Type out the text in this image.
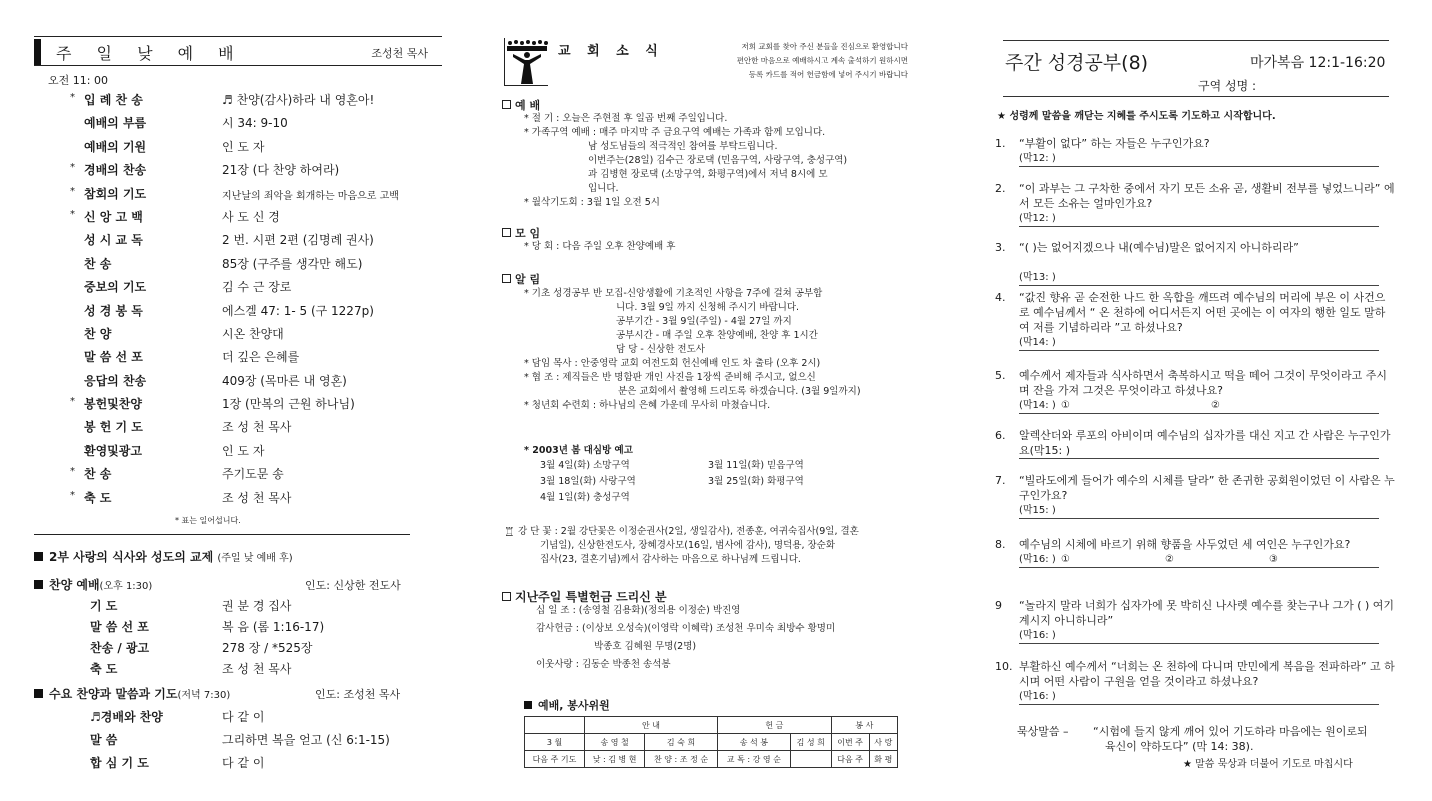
주 일 낮 예 배	조성천 목사
오전 11: 00
* 입 례 찬 송	♬ 찬양(감사)하라 내 영혼아!
예배의 부름	시 34: 9-10
예배의 기원	인 도 자
* 경배의 찬송	21장 (다 찬양 하여라)
* 참회의 기도	지난날의 죄악을 회개하는 마음으로 고백
* 신 앙 고 백	사 도 신 경
성 시 교 독	2 번. 시편 2편 (김명례 권사)
찬 송	85장 (구주를 생각만 해도)
중보의 기도	김 수 근 장로
성 경 봉 독	에스겔 47: 1- 5 (구 1227p)
찬 양	시온 찬양대
말 씀 선 포	더 깊은 은혜를
응답의 찬송	409장 (목마른 내 영혼)
* 봉헌및찬양	1장 (만복의 근원 하나님)
봉 헌 기 도	조 성 천 목사
환영및광고	인 도 자
* 찬 송	주기도문 송
* 축 도	조 성 천 목사
* 표는 일어섭니다.
2부 사랑의 식사와 성도의 교제 (주일 낮 예배 후)
찬양 예배(오후 1:30)	인도: 신상한 전도사
기 도	권 분 경 집사
말 씀 선 포	복 음 (롬 1:16-17)
찬송 / 광고	278 장 / *525장
축 도	조 성 천 목사
수요 찬양과 말씀과 기도(저녁 7:30)	인도: 조성천 목사
♬경배와 찬양	다 같 이
말 씀	그리하면 복을 얻고 (신 6:1-15)
합 심 기 도	다 같 이
교 회 소 식	저희 교회를 찾아 주신 분들을 진심으로 환영합니다
편안한 마음으로 예배하시고 계속 출석하기 원하시면
등록 카드를 적어 헌금함에 넣어 주시기 바랍니다
예 배
* 절 기 : 오늘은 주현절 후 일곱 번째 주일입니다.
* 가족구역 예배 : 매주 마지막 주 금요구역 예배는 가족과 함께 모입니다.
남 성도님들의 적극적인 참여를 부탁드립니다.
이번주는(28일) 김수근 장로댁 (민음구역, 사랑구역, 충성구역)
과 김병현 장로댁 (소망구역, 화평구역)에서 저녁 8시에 모
입니다.
* 월삭기도회 : 3월 1일 오전 5시
모 임
* 당 회 : 다음 주일 오후 찬양예배 후
알 림
* 기초 성경공부 반 모집-신앙생활에 기초적인 사항을 7주에 걸쳐 공부합
니다. 3월 9일 까지 신청해 주시기 바랍니다.
공부기간 - 3월 9일(주일) - 4월 27일 까지
공부시간 - 매 주일 오후 찬양예배, 찬양 후 1시간
담 당 - 신상한 전도사
* 담임 목사 : 안중영락 교회 여전도회 헌신예배 인도 차 출타 (오후 2시)
* 협 조 : 제직들은 반 명함판 개인 사진을 1장씩 준비해 주시고, 없으신
분은 교회에서 촬영해 드리도록 하겠습니다. (3월 9일까지)
* 청년회 수련회 : 하나님의 은혜 가운데 무사히 마쳤습니다.
* 2003년 봄 대심방 예고
3월 4일(화) 소망구역	3월 11일(화) 믿음구역
3월 18일(화) 사랑구역	3월 25일(화) 화평구역
4월 1일(화) 충성구역
♖ 강 단 꽃 : 2월 강단꽃은 이정순권사(2일, 생일감사), 전종훈, 여귀숙집사(9일, 결혼
기념일), 신상한전도사, 장혜경사모(16일, 범사에 감사), 명덕용, 장순화
집사(23, 결혼기념)께서 감사하는 마음으로 하나님께 드립니다.
지난주일 특별헌금 드리신 분
십 일 조 : (송영철 김용화)(정의용 이정순) 박진영
감사헌금 : (이상보 오성숙)(이영락 이혜락) 조성천 우미숙 최방수 황명미
박종호 김혜원 무명(2명)
이웃사랑 : 김동순 박종천 송석봉
예배, 봉사위원
	안 내		헌 금		봉 사	
3 월	송 영 철	김 숙 희	송 석 봉	김 성 희	이번 주	사 랑
다음 주 기도	낮 : 김 병 현	찬 양 : 조 정 순	교 독 : 강 영 순		다음 주	화 평
주간 성경공부(8)	마가복음 12:1-16:20
구역 성명 :
★ 성령께 말씀을 깨닫는 지혜를 주시도록 기도하고 시작합니다.
1. “부활이 없다” 하는 자들은 누구인가요?
(막12: )
2. “이 과부는 그 구차한 중에서 자기 모든 소유 곧, 생활비 전부를 넣었느니라” 에서 모든 소유는 얼마인가요?
(막12: )
3. “( )는 없어지겠으나 내(예수님)말은 없어지지 아니하리라”
(막13: )
4. “값진 향유 곧 순전한 나드 한 옥합을 깨뜨려 예수님의 머리에 부은 이 사건으로 예수님께서 “ 온 천하에 어디서든지 어떤 곳에는 이 여자의 행한 일도 말하여 저를 기념하리라 ”고 하셨나요?
(막14: )
5. 예수께서 제자들과 식사하면서 축복하시고 떡을 떼어 그것이 무엇이라고 주시며 잔을 가져 그것은 무엇이라고 하셨나요?
(막14: ) ①	②
6. 알렉산더와 루포의 아비이며 예수님의 십자가를 대신 지고 간 사람은 누구인가요(막15: )
7. “빌라도에게 들어가 예수의 시체를 달라” 한 존귀한 공회원이었던 이 사람은 누구인가요?
(막15: )
8. 예수님의 시체에 바르기 위해 향품을 사두었던 세 여인은 누구인가요?
(막16: ) ①	②	③
9 “놀라지 말라 너희가 십자가에 못 박히신 나사렛 예수를 찾는구나 그가 ( ) 여기 계시지 아니하니라”
(막16: )
10. 부활하신 예수께서 “너희는 온 천하에 다니며 만민에게 복음을 전파하라” 고 하시며 어떤 사람이 구원을 얻을 것이라고 하셨나요?
(막16: )
묵상말씀 – “시험에 들지 않게 깨어 있어 기도하라 마음에는 원이로되
육신이 약하도다” (막 14: 38).
★ 말씀 묵상과 더불어 기도로 마칩시다
